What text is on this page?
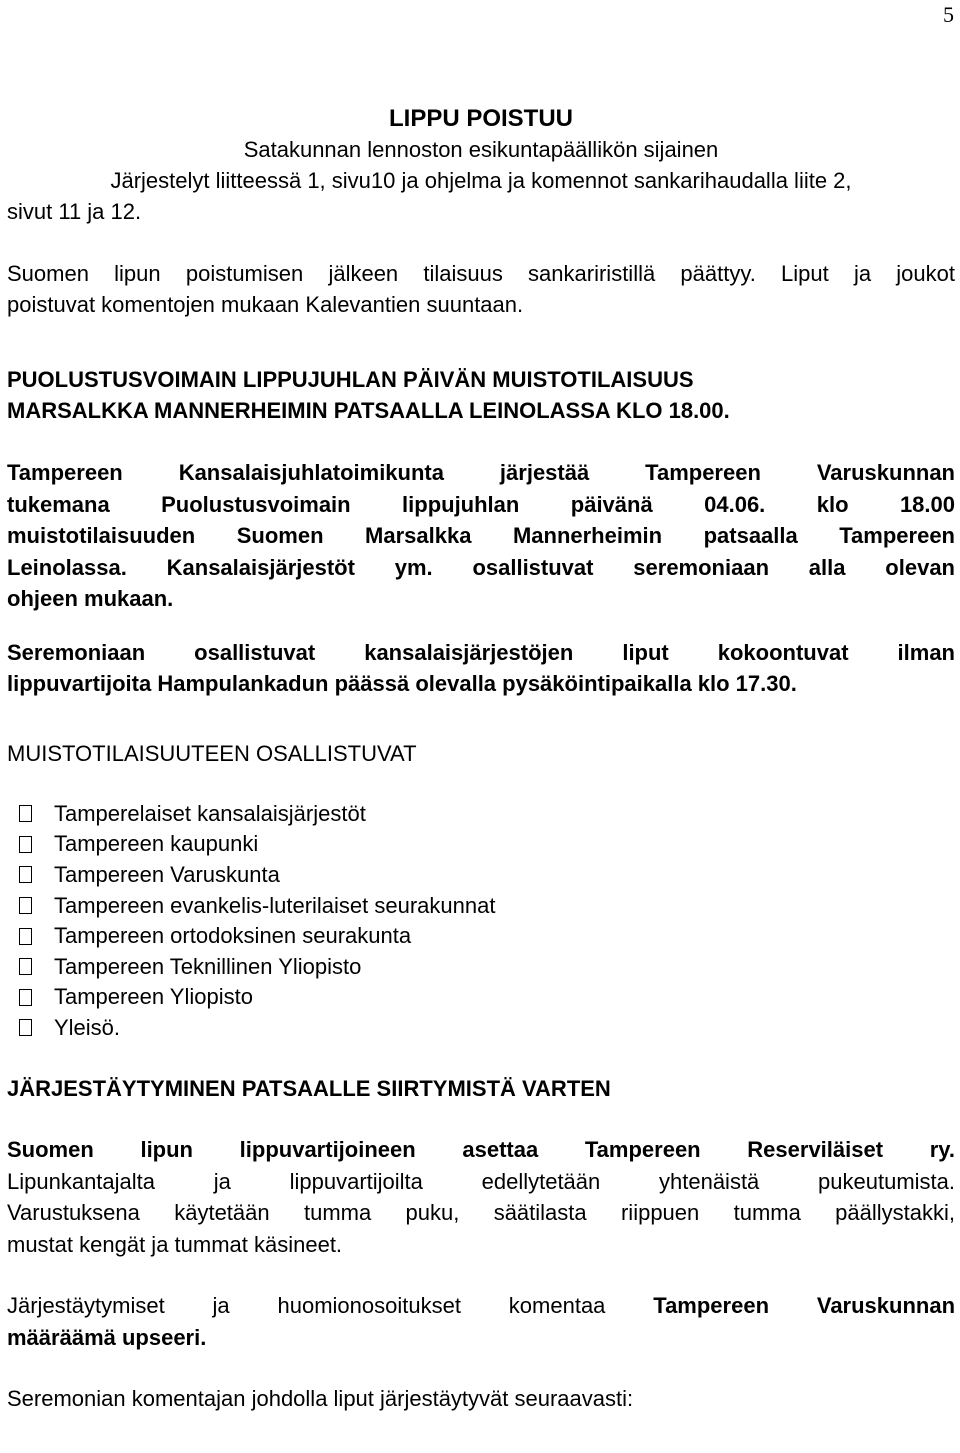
5
LIPPU POISTUU
Satakunnan lennoston esikuntapäällikön sijainen
Järjestelyt liitteessä 1, sivu10 ja ohjelma ja komennot sankarihaudalla liite 2,

sivut 11 ja 12.

Suomen lipun poistumisen jälkeen tilaisuus sankariristillä päättyy. Liput ja joukot

poistuvat komentojen mukaan Kalevantien suuntaan.

PUOLUSTUSVOIMAIN LIPPUJUHLAN PÄIVÄN MUISTOTILAISUUS

MARSALKKA MANNERHEIMIN PATSAALLA LEINOLASSA KLO 18.00.

Tampereen Kansalaisjuhlatoimikunta järjestää Tampereen Varuskunnan

tukemana Puolustusvoimain lippujuhlan päivänä 04.06. klo 18.00

muistotilaisuuden Suomen Marsalkka Mannerheimin patsaalla Tampereen

Leinolassa. Kansalaisjärjestöt ym. osallistuvat seremoniaan alla olevan

ohjeen mukaan.

Seremoniaan osallistuvat kansalaisjärjestöjen liput kokoontuvat ilman

lippuvartijoita Hampulankadun päässä olevalla pysäköintipaikalla klo 17.30.

MUISTOTILAISUUTEEN OSALLISTUVAT

Tamperelaiset kansalaisjärjestöt
Tampereen kaupunki
Tampereen Varuskunta
Tampereen evankelis-luterilaiset seurakunnat
Tampereen ortodoksinen seurakunta
Tampereen Teknillinen Yliopisto
Tampereen Yliopisto
Yleisö.

JÄRJESTÄYTYMINEN PATSAALLE SIIRTYMISTÄ VARTEN

Suomen lipun lippuvartijoineen asettaa Tampereen Reserviläiset ry.

Lipunkantajalta ja lippuvartijoilta edellytetään yhtenäistä pukeutumista.

Varustuksena käytetään tumma puku, säätilasta riippuen tumma päällystakki,

mustat kengät ja tummat käsineet.

Järjestäytymiset ja huomionosoitukset komentaa Tampereen Varuskunnan

määräämä upseeri.

Seremonian komentajan johdolla liput järjestäytyvät seuraavasti:
